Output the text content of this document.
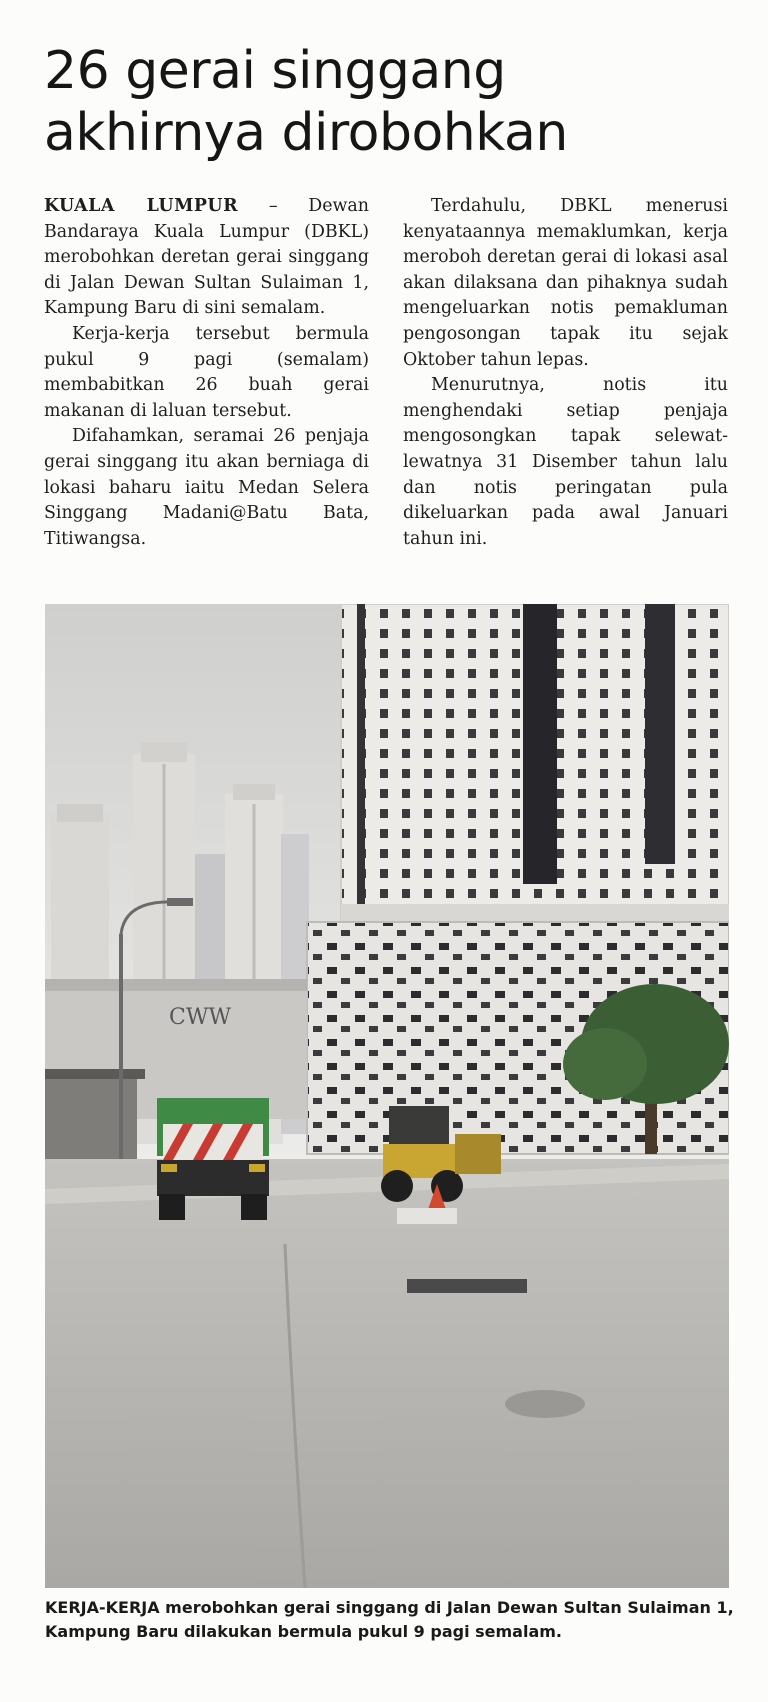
26 gerai singgang akhirnya dirobohkan

KUALA LUMPUR – Dewan Bandaraya Kuala Lumpur (DBKL) merobohkan deretan gerai singgang di Jalan Dewan Sultan Sulaiman 1, Kampung Baru di sini semalam.

Kerja-kerja tersebut bermula pukul 9 pagi (semalam) membabitkan 26 buah gerai makanan di laluan tersebut.

Difahamkan, seramai 26 penjaja gerai singgang itu akan berniaga di lokasi baharu iaitu Medan Selera Singgang Madani@Batu Bata, Titiwangsa.

Terdahulu, DBKL menerusi kenyataannya memaklumkan, kerja meroboh deretan gerai di lokasi asal akan dilaksana dan pihaknya sudah mengeluarkan notis pemakluman pengosongan tapak itu sejak Oktober tahun lepas.

Menurutnya, notis itu menghendaki setiap penjaja mengosongkan tapak selewat-lewatnya 31 Disember tahun lalu dan notis peringatan pula dikeluarkan pada awal Januari tahun ini.

CWW

KERJA-KERJA merobohkan gerai singgang di Jalan Dewan Sultan Sulaiman 1, Kampung Baru dilakukan bermula pukul 9 pagi semalam.
